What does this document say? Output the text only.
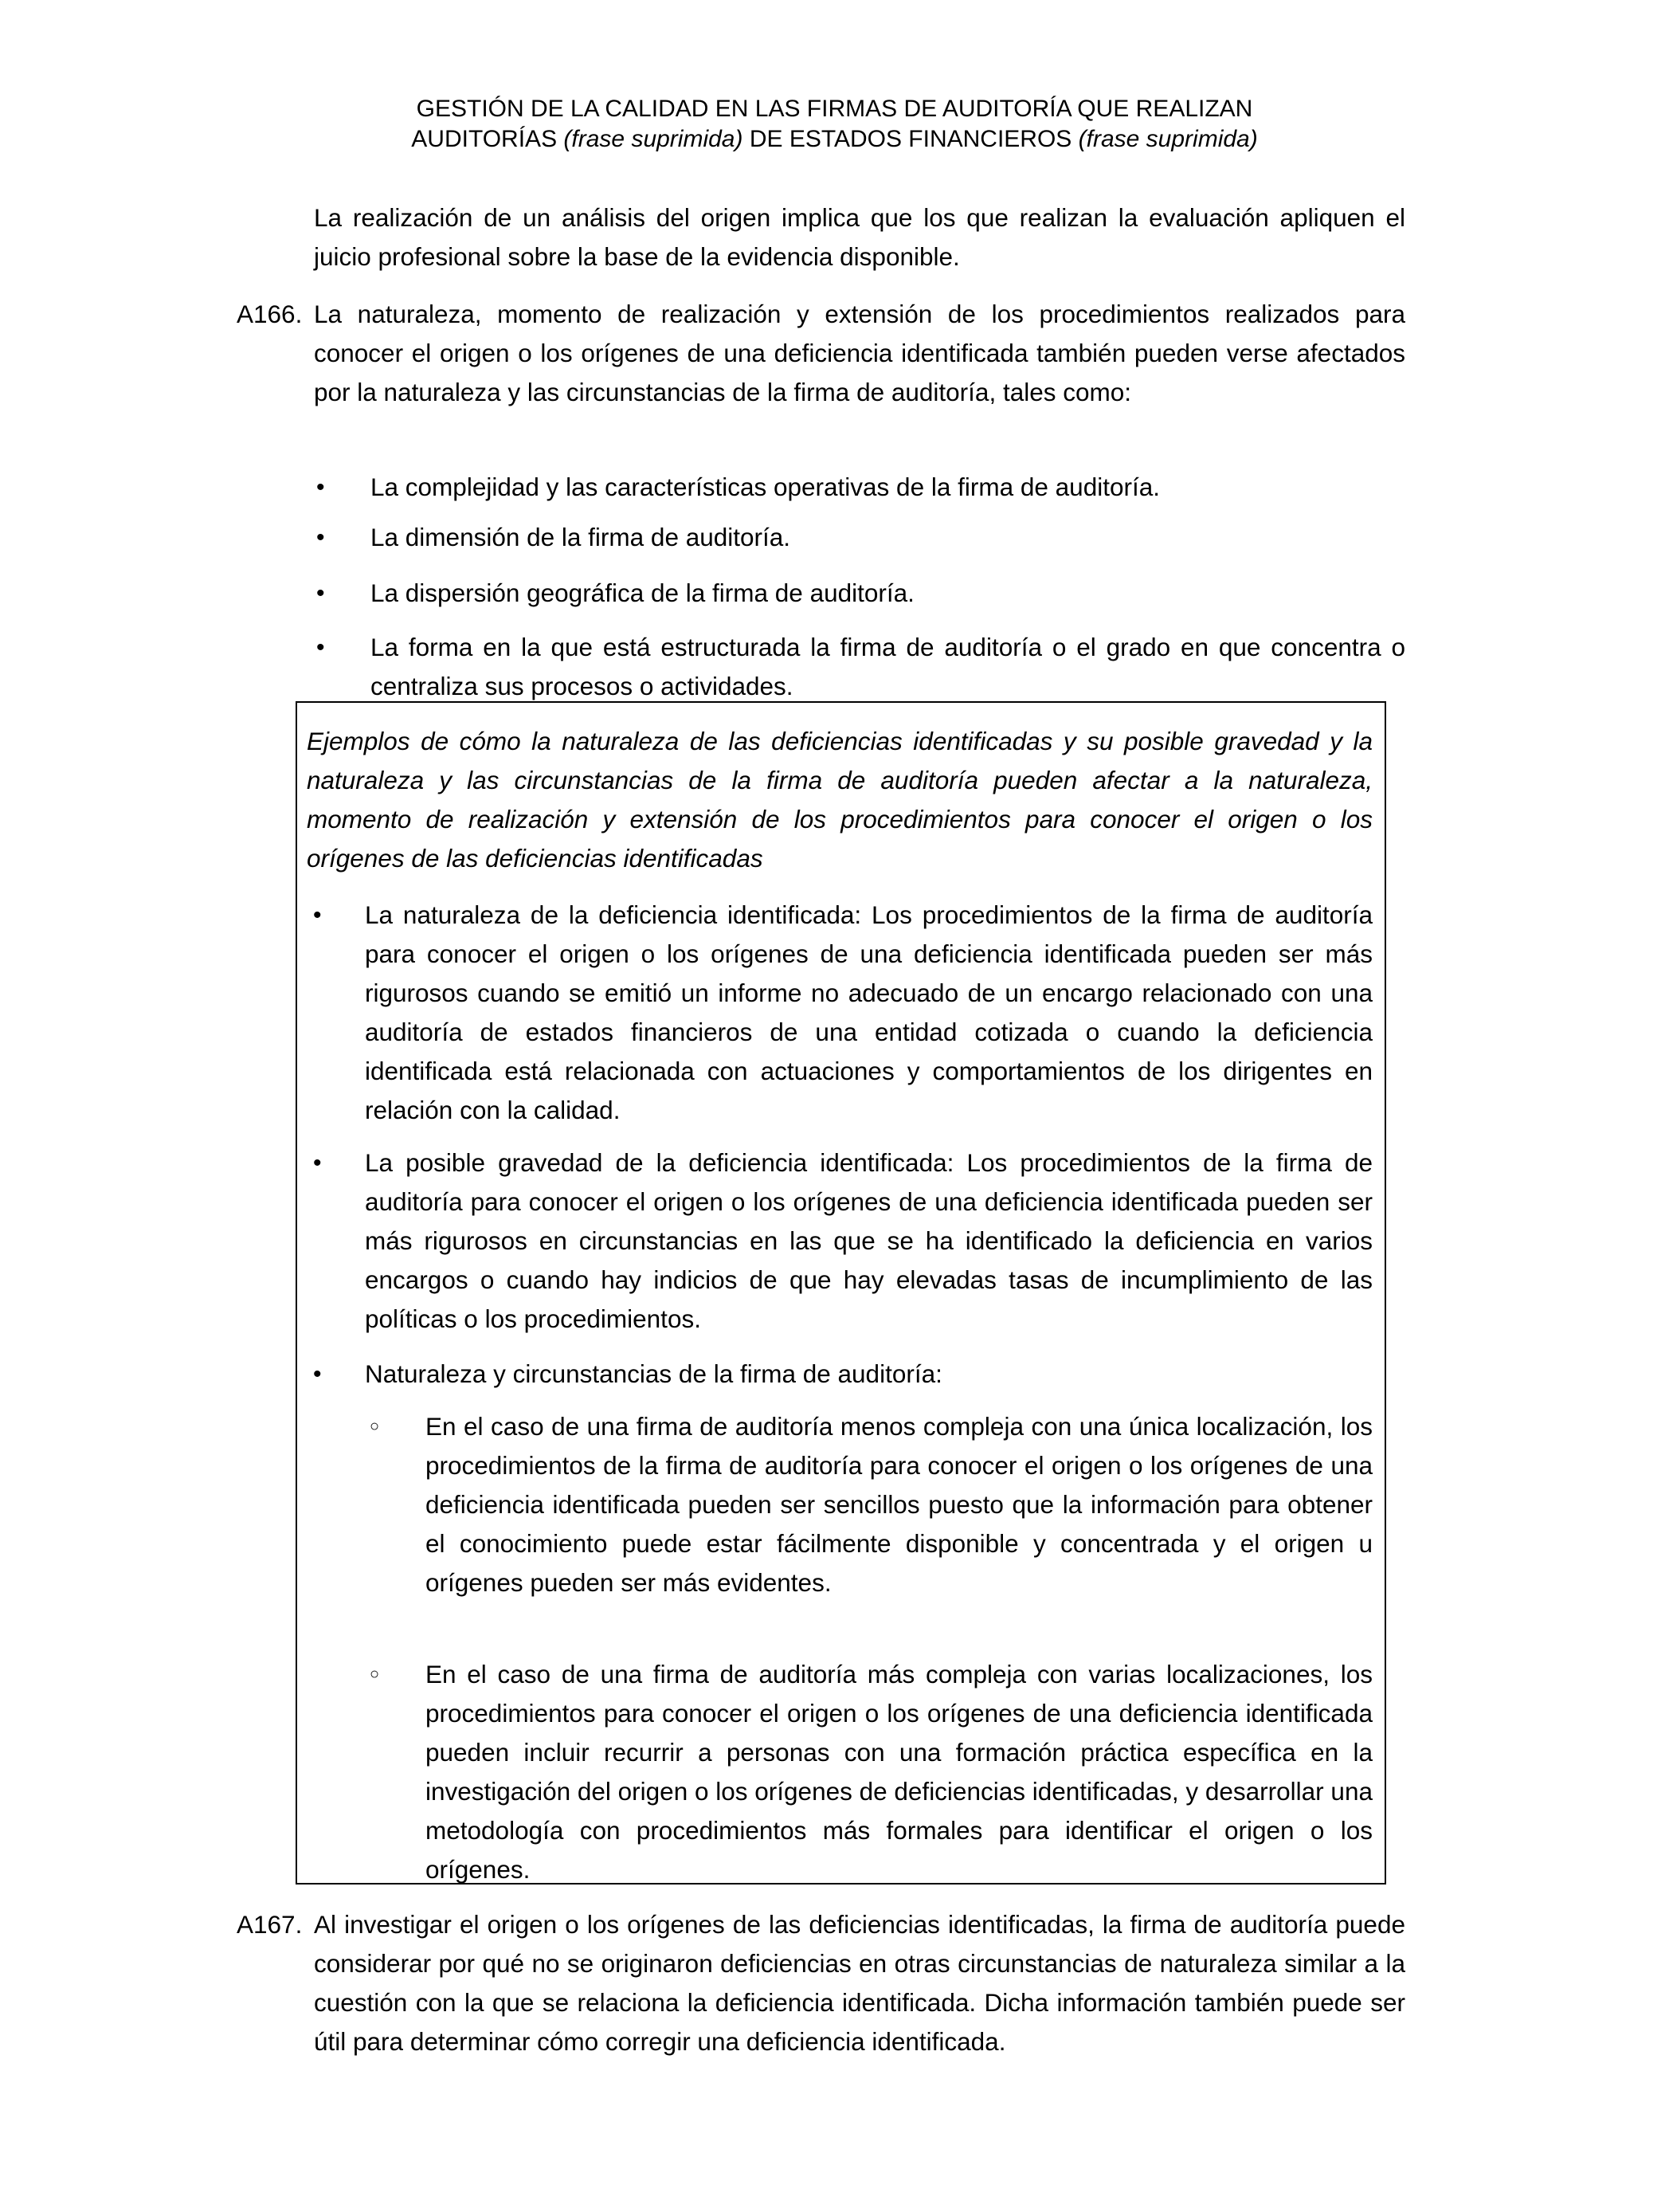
GESTIÓN DE LA CALIDAD EN LAS FIRMAS DE AUDITORÍA QUE REALIZAN
AUDITORÍAS (frase suprimida) DE ESTADOS FINANCIEROS (frase suprimida)
La realización de un análisis del origen implica que los que realizan la evaluación apliquen el juicio profesional sobre la base de la evidencia disponible.
A166. La naturaleza, momento de realización y extensión de los procedimientos realizados para conocer el origen o los orígenes de una deficiencia identificada también pueden verse afectados por la naturaleza y las circunstancias de la firma de auditoría, tales como:
• La complejidad y las características operativas de la firma de auditoría.
• La dimensión de la firma de auditoría.
• La dispersión geográfica de la firma de auditoría.
• La forma en la que está estructurada la firma de auditoría o el grado en que concentra o centraliza sus procesos o actividades.
Ejemplos de cómo la naturaleza de las deficiencias identificadas y su posible gravedad y la naturaleza y las circunstancias de la firma de auditoría pueden afectar a la naturaleza, momento de realización y extensión de los procedimientos para conocer el origen o los orígenes de las deficiencias identificadas
• La naturaleza de la deficiencia identificada: Los procedimientos de la firma de auditoría para conocer el origen o los orígenes de una deficiencia identificada pueden ser más rigurosos cuando se emitió un informe no adecuado de un encargo relacionado con una auditoría de estados financieros de una entidad cotizada o cuando la deficiencia identificada está relacionada con actuaciones y comportamientos de los dirigentes en relación con la calidad.
• La posible gravedad de la deficiencia identificada: Los procedimientos de la firma de auditoría para conocer el origen o los orígenes de una deficiencia identificada pueden ser más rigurosos en circunstancias en las que se ha identificado la deficiencia en varios encargos o cuando hay indicios de que hay elevadas tasas de incumplimiento de las políticas o los procedimientos.
• Naturaleza y circunstancias de la firma de auditoría:
○ En el caso de una firma de auditoría menos compleja con una única localización, los procedimientos de la firma de auditoría para conocer el origen o los orígenes de una deficiencia identificada pueden ser sencillos puesto que la información para obtener el conocimiento puede estar fácilmente disponible y concentrada y el origen u orígenes pueden ser más evidentes.
○ En el caso de una firma de auditoría más compleja con varias localizaciones, los procedimientos para conocer el origen o los orígenes de una deficiencia identificada pueden incluir recurrir a personas con una formación práctica específica en la investigación del origen o los orígenes de deficiencias identificadas, y desarrollar una metodología con procedimientos más formales para identificar el origen o los orígenes.
A167. Al investigar el origen o los orígenes de las deficiencias identificadas, la firma de auditoría puede considerar por qué no se originaron deficiencias en otras circunstancias de naturaleza similar a la cuestión con la que se relaciona la deficiencia identificada. Dicha información también puede ser útil para determinar cómo corregir una deficiencia identificada.
